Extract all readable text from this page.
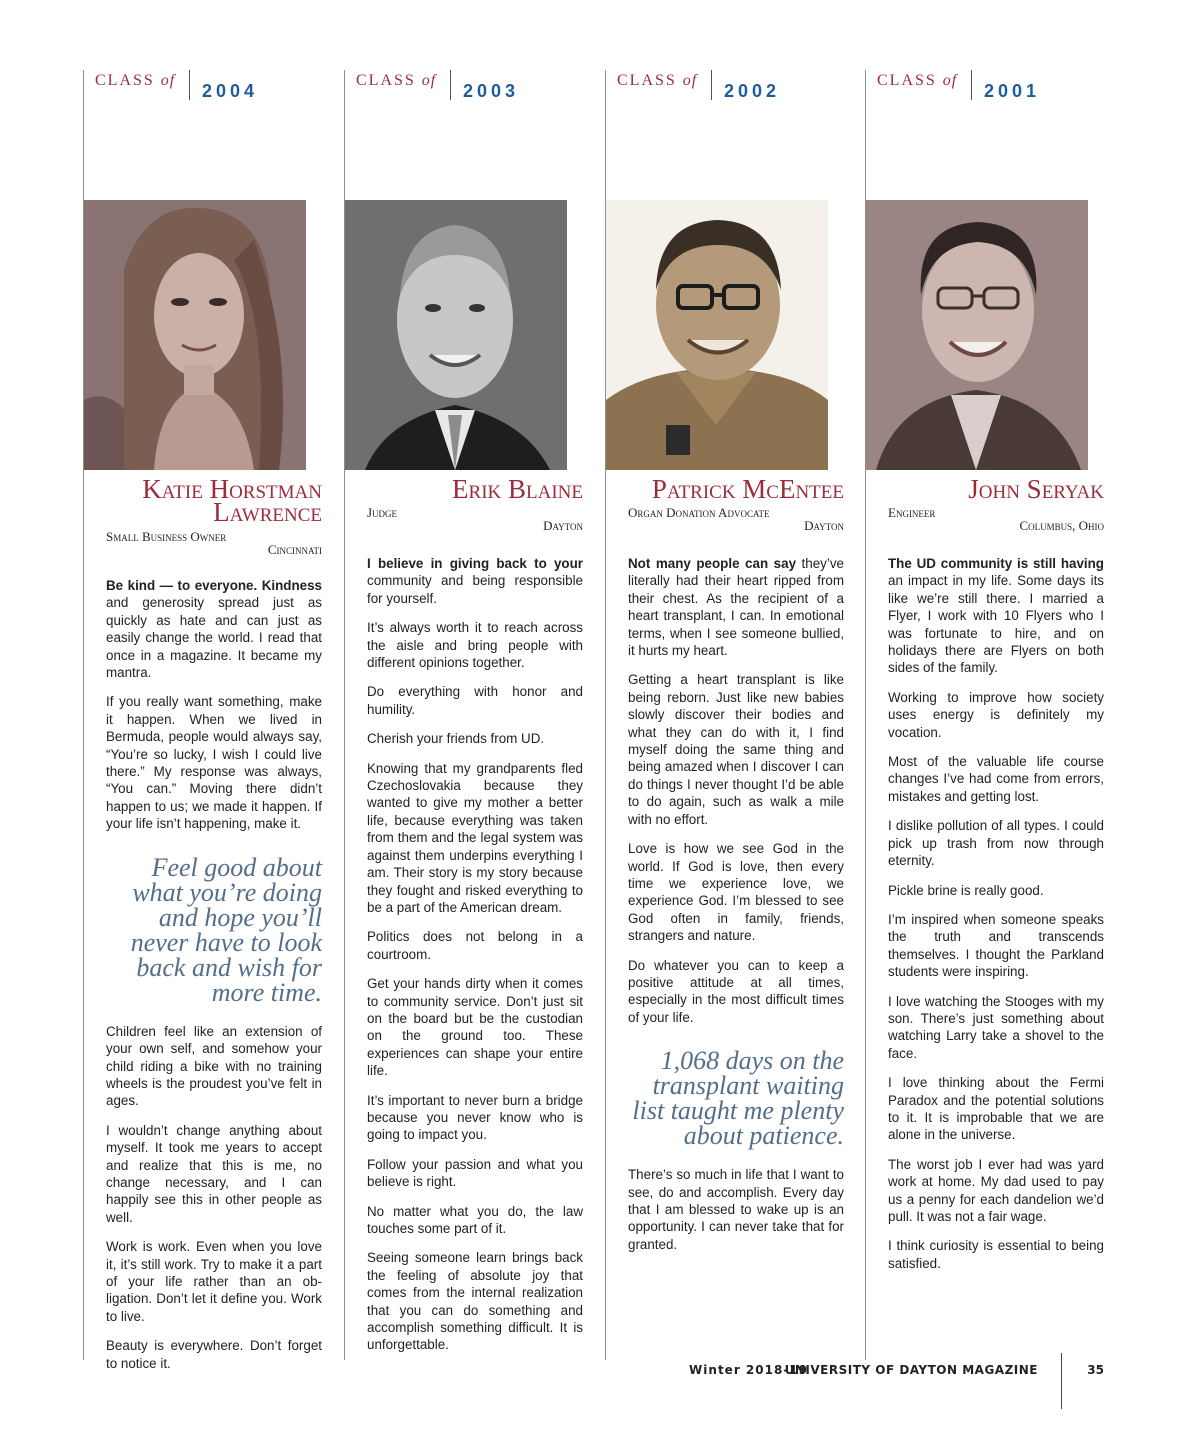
CLASS of
2004
Katie Horstman
Lawrence
Small Business Owner
Cincinnati

Be kind — to everyone. Kindness and generosity spread just as quickly as hate and can just as easily change the world. I read that once in a magazine. It became my mantra.

If you really want something, make it happen. When we lived in Bermuda, people would always say, “You’re so lucky, I wish I could live there.” My response was always, “You can.” Moving there didn’t happen to us; we made it happen. If your life isn’t happening, make it.

Feel good about what you’re doing and hope you’ll never have to look back and wish for more time.

Children feel like an extension of your own self, and somehow your child riding a bike with no training wheels is the proudest you’ve felt in ages.

I wouldn’t change anything about myself. It took me years to accept and realize that this is me, no change necessary, and I can happily see this in other people as well.

Work is work. Even when you love it, it’s still work. Try to make it a part of your life rather than an ob-ligation. Don’t let it define you. Work to live.

Beauty is everywhere. Don’t forget to notice it.

CLASS of
2003
Erik Blaine
Judge
Dayton

I believe in giving back to your community and being responsible for yourself.

It’s always worth it to reach across the aisle and bring people with different opinions together.

Do everything with honor and humility.

Cherish your friends from UD.

Knowing that my grandparents fled Czechoslovakia because they wanted to give my mother a better life, because everything was taken from them and the legal system was against them underpins everything I am. Their story is my story because they fought and risked everything to be a part of the American dream.

Politics does not belong in a courtroom.

Get your hands dirty when it comes to community service. Don’t just sit on the board but be the custodian on the ground too. These experiences can shape your entire life.

It’s important to never burn a bridge because you never know who is going to impact you.

Follow your passion and what you believe is right.

No matter what you do, the law touches some part of it.

Seeing someone learn brings back the feeling of absolute joy that comes from the internal realization that you can do something and accomplish something difficult. It is unforgettable.

CLASS of
2002
Patrick McEntee
Organ Donation Advocate
Dayton

Not many people can say they’ve literally had their heart ripped from their chest. As the recipient of a heart transplant, I can. In emotional terms, when I see someone bullied, it hurts my heart.

Getting a heart transplant is like being reborn. Just like new babies slowly discover their bodies and what they can do with it, I find myself doing the same thing and being amazed when I discover I can do things I never thought I’d be able to do again, such as walk a mile with no effort.

Love is how we see God in the world. If God is love, then every time we experience love, we experience God. I’m blessed to see God often in family, friends, strangers and nature.

Do whatever you can to keep a positive attitude at all times, especially in the most difficult times of your life.

1,068 days on the transplant waiting list taught me plenty about patience.

There’s so much in life that I want to see, do and accomplish. Every day that I am blessed to wake up is an opportunity. I can never take that for granted.

CLASS of
2001
John Seryak
Engineer
Columbus, Ohio

The UD community is still having an impact in my life. Some days its like we’re still there. I married a Flyer, I work with 10 Flyers who I was fortunate to hire, and on holidays there are Flyers on both sides of the family.

Working to improve how society uses energy is definitely my vocation.

Most of the valuable life course changes I’ve had come from errors, mistakes and getting lost.

I dislike pollution of all types. I could pick up trash from now through eternity.

Pickle brine is really good.

I’m inspired when someone speaks the truth and transcends themselves. I thought the Parkland students were inspiring.

I love watching the Stooges with my son. There’s just something about watching Larry take a shovel to the face.

I love thinking about the Fermi Paradox and the potential solutions to it. It is improbable that we are alone in the universe.

The worst job I ever had was yard work at home. My dad used to pay us a penny for each dandelion we’d pull. It was not a fair wage.

I think curiosity is essential to being satisfied.

Winter 2018-19
UNIVERSITY OF DAYTON MAGAZINE	35
